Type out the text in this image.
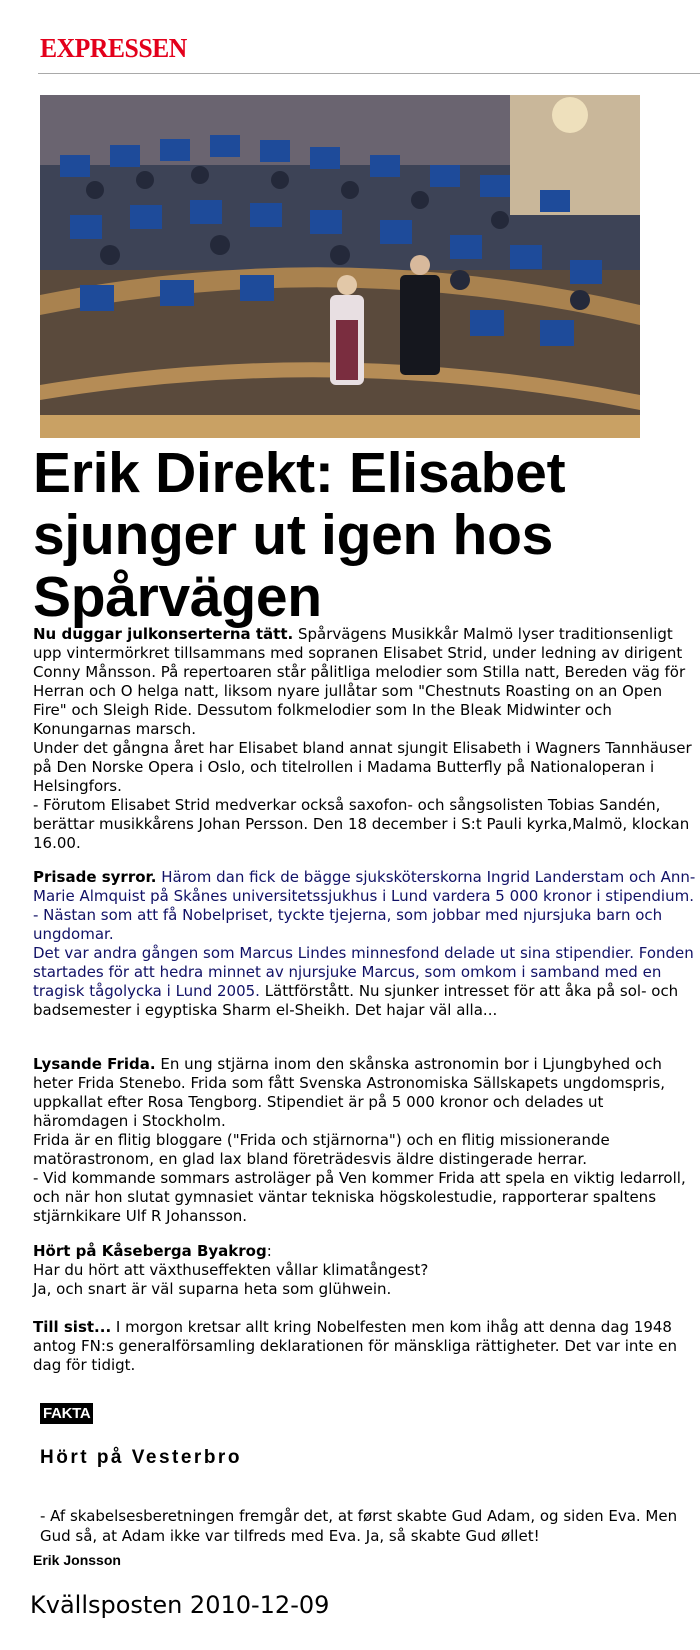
EXPRESSEN
Erik Direkt: Elisabet sjunger ut igen hos Spårvägen

Nu duggar julkonserterna tätt. Spårvägens Musikkår Malmö lyser traditionsenligt upp vintermörkret tillsammans med sopranen Elisabet Strid, under ledning av dirigent Conny Månsson. På repertoaren står pålitliga melodier som Stilla natt, Bereden väg för Herran och O helga natt, liksom nyare jullåtar som "Chestnuts Roasting on an Open Fire" och Sleigh Ride. Dessutom folkmelodier som In the Bleak Midwinter och Konungarnas marsch.

Under det gångna året har Elisabet bland annat sjungit Elisabeth i Wagners Tannhäuser på Den Norske Opera i Oslo, och titelrollen i Madama Butterfly på Nationaloperan i Helsingfors.

- Förutom Elisabet Strid medverkar också saxofon- och sångsolisten Tobias Sandén, berättar musikkårens Johan Persson. Den 18 december i S:t Pauli kyrka,Malmö, klockan 16.00.

Prisade syrror. Härom dan fick de bägge sjuksköterskorna Ingrid Landerstam och Ann-Marie Almquist på Skånes universitetssjukhus i Lund vardera 5 000 kronor i stipendium.

- Nästan som att få Nobelpriset, tyckte tjejerna, som jobbar med njursjuka barn och ungdomar.

Det var andra gången som Marcus Lindes minnesfond delade ut sina stipendier. Fonden startades för att hedra minnet av njursjuke Marcus, som omkom i samband med en tragisk tågolycka i Lund 2005. Lättförstått. Nu sjunker intresset för att åka på sol- och badsemester i egyptiska Sharm el-Sheikh. Det hajar väl alla...

Lysande Frida. En ung stjärna inom den skånska astronomin bor i Ljungbyhed och heter Frida Stenebo. Frida som fått Svenska Astronomiska Sällskapets ungdomspris, uppkallat efter Rosa Tengborg. Stipendiet är på 5 000 kronor och delades ut häromdagen i Stockholm.

Frida är en flitig bloggare ("Frida och stjärnorna") och en flitig missionerande matörastronom, en glad lax bland företrädesvis äldre distingerade herrar.

- Vid kommande sommars astroläger på Ven kommer Frida att spela en viktig ledarroll, och när hon slutat gymnasiet väntar tekniska högskolestudie, rapporterar spaltens stjärnkikare Ulf R Johansson.

Hört på Kåseberga Byakrog:

Har du hört att växthuseffekten vållar klimatångest?

Ja, och snart är väl suparna heta som glühwein.

Till sist... I morgon kretsar allt kring Nobelfesten men kom ihåg att denna dag 1948 antog FN:s generalförsamling deklarationen för mänskliga rättigheter. Det var inte en dag för tidigt.

FAKTA
Hört på Vesterbro
- Af skabelsesberetningen fremgår det, at først skabte Gud Adam, og siden Eva. Men Gud så, at Adam ikke var tilfreds med Eva. Ja, så skabte Gud øllet!
Erik Jonsson
Kvällsposten 2010-12-09
